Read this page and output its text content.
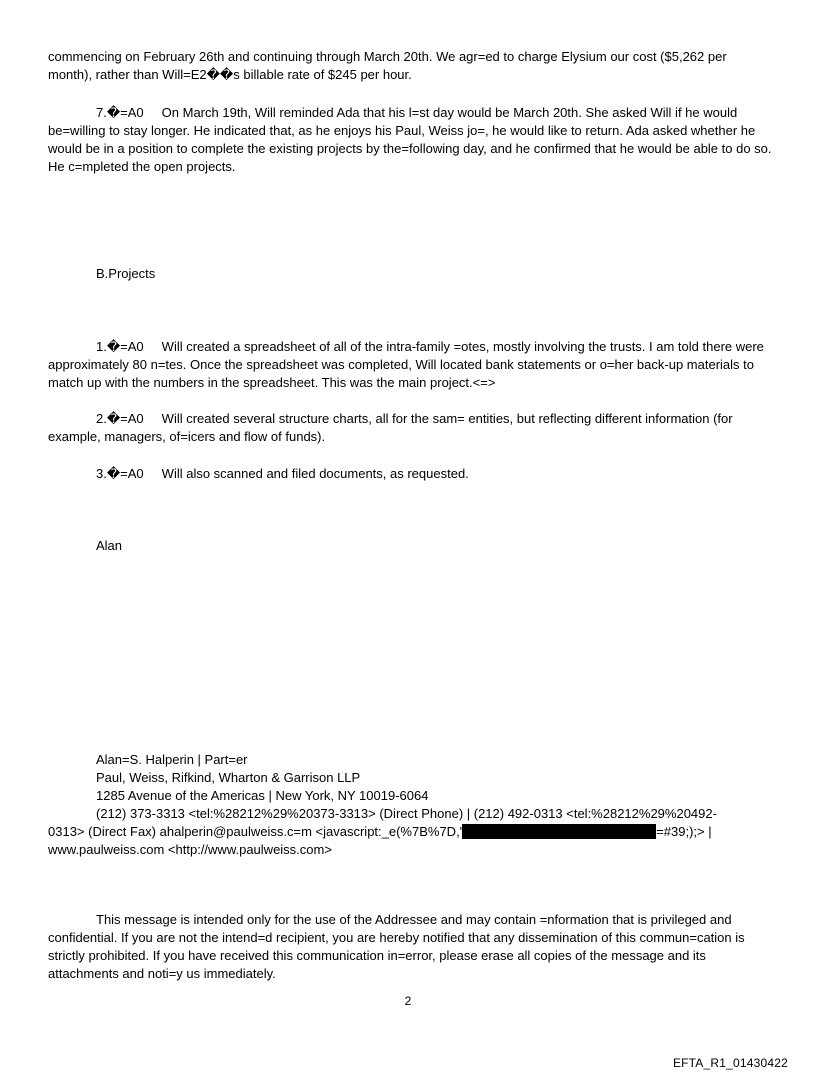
commencing on February 26th and continuing through March 20th. We agr=ed to charge Elysium our cost ($5,262 per month), rather than Will=E2��s billable rate of $245 per hour.

7.�=A0 On March 19th, Will reminded Ada that his l=st day would be March 20th. She asked Will if he would be=willing to stay longer. He indicated that, as he enjoys his Paul, Weiss jo=, he would like to return. Ada asked whether he would be in a position to complete the existing projects by the=following day, and he confirmed that he would be able to do so. He c=mpleted the open projects.

B.Projects

1.�=A0 Will created a spreadsheet of all of the intra-family =otes, mostly involving the trusts. I am told there were approximately 80 n=tes. Once the spreadsheet was completed, Will located bank statements or o=her back-up materials to match up with the numbers in the spreadsheet. This was the main project.<=>

2.�=A0 Will created several structure charts, all for the sam= entities, but reflecting different information (for example, managers, of=icers and flow of funds).

3.�=A0 Will also scanned and filed documents, as requested.

Alan

Alan=S. Halperin | Part=er

Paul, Weiss, Rifkind, Wharton & Garrison LLP

1285 Avenue of the Americas | New York, NY 10019-6064

(212) 373-3313 <tel:%28212%29%20373-3313> (Direct Phone) | (212) 492-0313 <tel:%28212%29%20492-

0313> (Direct Fax) ahalperin@paulweiss.c=m <javascript:_e(%7B%7D,'	=#39;);> |

www.paulweiss.com <http://www.paulweiss.com>

This message is intended only for the use of the Addressee and may contain =nformation that is privileged and confidential. If you are not the intend=d recipient, you are hereby notified that any dissemination of this commun=cation is strictly prohibited. If you have received this communication in=error, please erase all copies of the message and its attachments and noti=y us immediately.

2
EFTA_R1_01430422
